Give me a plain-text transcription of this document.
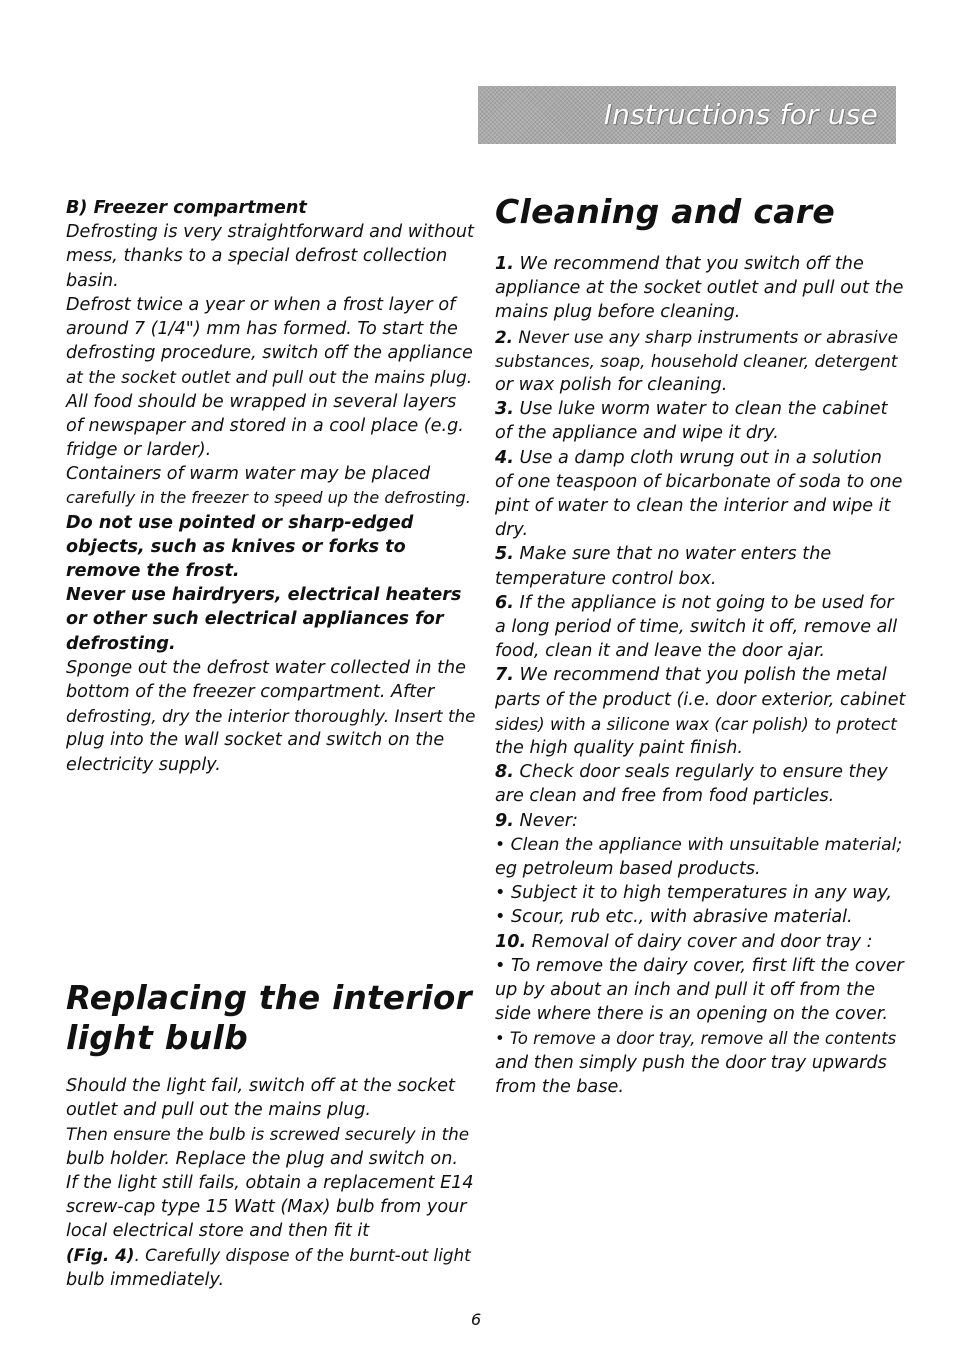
Instructions for use
B) Freezer compartment
Defrosting is very straightforward and without
mess, thanks to a special defrost collection
basin.
Defrost twice a year or when a frost layer of
around 7 (1/4") mm has formed. To start the
defrosting procedure, switch off the appliance
at the socket outlet and pull out the mains plug.
All food should be wrapped in several layers
of newspaper and stored in a cool place (e.g.
fridge or larder).
Containers of warm water may be placed
carefully in the freezer to speed up the defrosting.
Do not use pointed or sharp-edged
objects, such as knives or forks to
remove the frost.
Never use hairdryers, electrical heaters
or other such electrical appliances for
defrosting.
Sponge out the defrost water collected in the
bottom of the freezer compartment. After
defrosting, dry the interior thoroughly. Insert the
plug into the wall socket and switch on the
electricity supply.
Cleaning and care
1. We recommend that you switch off the
appliance at the socket outlet and pull out the
mains plug before cleaning.
2. Never use any sharp instruments or abrasive
substances, soap, household cleaner, detergent
or wax polish for cleaning.
3. Use luke worm water to clean the cabinet
of the appliance and wipe it dry.
4. Use a damp cloth wrung out in a solution
of one teaspoon of bicarbonate of soda to one
pint of water to clean the interior and wipe it
dry.
5. Make sure that no water enters the
temperature control box.
6. If the appliance is not going to be used for
a long period of time, switch it off, remove all
food, clean it and leave the door ajar.
7. We recommend that you polish the metal
parts of the product (i.e. door exterior, cabinet
sides) with a silicone wax (car polish) to protect
the high quality paint finish.
8. Check door seals regularly to ensure they
are clean and free from food particles.
9. Never:
• Clean the appliance with unsuitable material;
eg petroleum based products.
• Subject it to high temperatures in any way,
• Scour, rub etc., with abrasive material.
10. Removal of dairy cover and door tray :
• To remove the dairy cover, first lift the cover
up by about an inch and pull it off from the
side where there is an opening on the cover.
• To remove a door tray, remove all the contents
and then simply push the door tray upwards
from the base.
Replacing the interior
light bulb
Should the light fail, switch off at the socket
outlet and pull out the mains plug.
Then ensure the bulb is screwed securely in the
bulb holder. Replace the plug and switch on.
If the light still fails, obtain a replacement E14
screw-cap type 15 Watt (Max) bulb from your
local electrical store and then fit it
(Fig. 4). Carefully dispose of the burnt-out light
bulb immediately.
6
